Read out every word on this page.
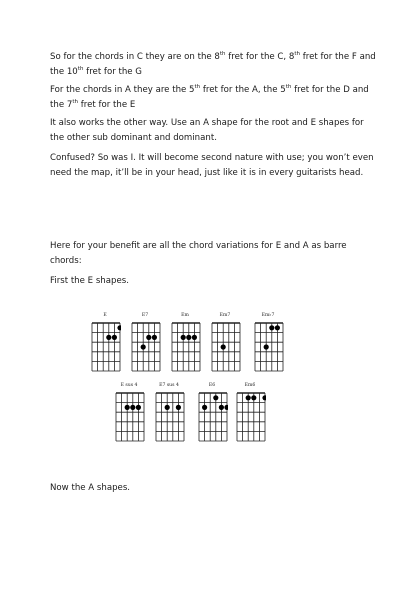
So for the chords in C they are on the 8th fret for the C, 8th fret for the F and the 10th fret for the G

For the chords in A they are the 5th fret for the A, the 5th fret for the D and the 7th fret for the E

It also works the other way. Use an A shape for the root and E shapes for the other sub dominant and dominant.

Confused? So was I. It will become second nature with use; you won’t even need the map, it’ll be in your head, just like it is in every guitarists head.

Here for your benefit are all the chord variations for E and A as barre chords:

First the E shapes.

Now the A shapes.

E	E7	Em	Em7	Em♭7
E sus 4	E7 sus 4	E6	Em6
